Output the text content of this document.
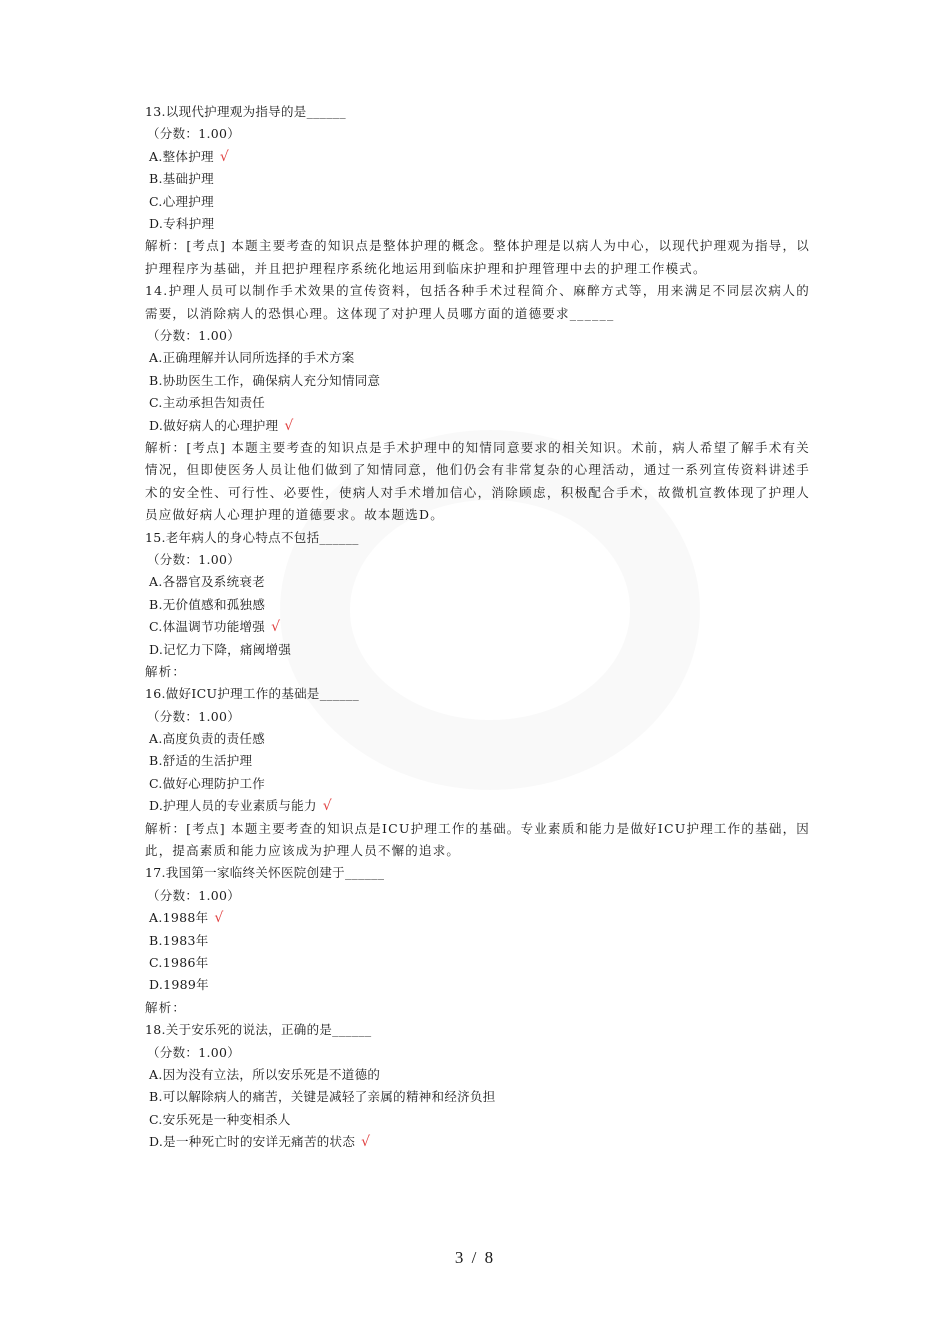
13.以现代护理观为指导的是______
（分数：1.00）
A.整体护理 √
B.基础护理
C.心理护理
D.专科护理
解析：[考点] 本题主要考查的知识点是整体护理的概念。整体护理是以病人为中心，以现代护理观为指导，以护理程序为基础，并且把护理程序系统化地运用到临床护理和护理管理中去的护理工作模式。
14.护理人员可以制作手术效果的宣传资料，包括各种手术过程简介、麻醉方式等，用来满足不同层次病人的需要，以消除病人的恐惧心理。这体现了对护理人员哪方面的道德要求______
（分数：1.00）
A.正确理解并认同所选择的手术方案
B.协助医生工作，确保病人充分知情同意
C.主动承担告知责任
D.做好病人的心理护理 √
解析：[考点] 本题主要考查的知识点是手术护理中的知情同意要求的相关知识。术前，病人希望了解手术有关情况，但即使医务人员让他们做到了知情同意，他们仍会有非常复杂的心理活动，通过一系列宣传资料讲述手术的安全性、可行性、必要性，使病人对手术增加信心，消除顾虑，积极配合手术，故微机宣教体现了护理人员应做好病人心理护理的道德要求。故本题选D。
15.老年病人的身心特点不包括______
（分数：1.00）
A.各器官及系统衰老
B.无价值感和孤独感
C.体温调节功能增强 √
D.记忆力下降，痛阈增强
解析：
16.做好ICU护理工作的基础是______
（分数：1.00）
A.高度负责的责任感
B.舒适的生活护理
C.做好心理防护工作
D.护理人员的专业素质与能力 √
解析：[考点] 本题主要考查的知识点是ICU护理工作的基础。专业素质和能力是做好ICU护理工作的基础，因此，提高素质和能力应该成为护理人员不懈的追求。
17.我国第一家临终关怀医院创建于______
（分数：1.00）
A.1988年 √
B.1983年
C.1986年
D.1989年
解析：
18.关于安乐死的说法，正确的是______
（分数：1.00）
A.因为没有立法，所以安乐死是不道德的
B.可以解除病人的痛苦，关键是减轻了亲属的精神和经济负担
C.安乐死是一种变相杀人
D.是一种死亡时的安详无痛苦的状态 √
3 / 8
